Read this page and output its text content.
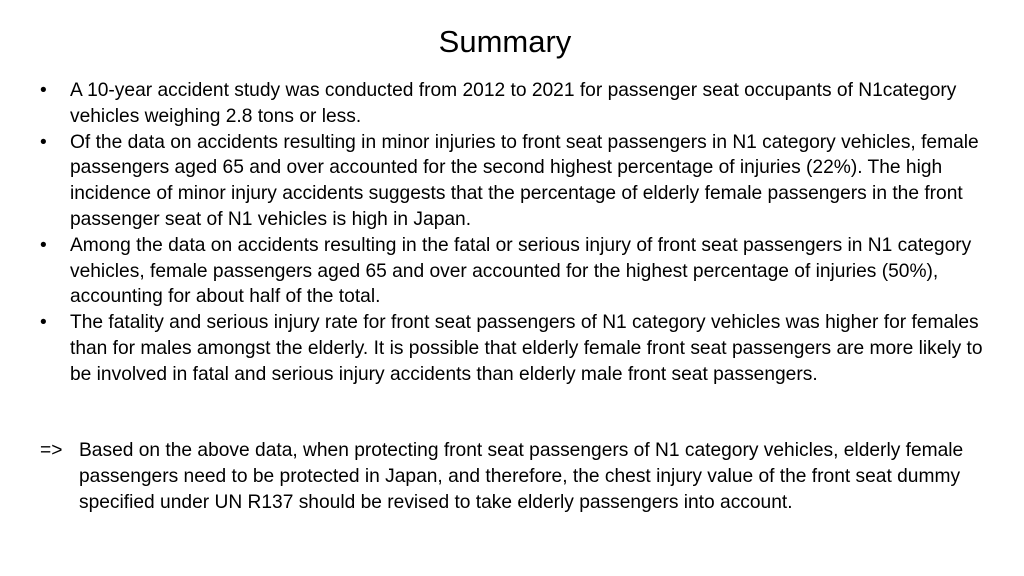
Summary
• A 10-year accident study was conducted from 2012 to 2021 for passenger seat occupants of N1category vehicles weighing 2.8 tons or less.
• Of the data on accidents resulting in minor injuries to front seat passengers in N1 category vehicles, female passengers aged 65 and over accounted for the second highest percentage of injuries (22%). The high incidence of minor injury accidents suggests that the percentage of elderly female passengers in the front passenger seat of N1 vehicles is high in Japan.
• Among the data on accidents resulting in the fatal or serious injury of front seat passengers in N1 category vehicles, female passengers aged 65 and over accounted for the highest percentage of injuries (50%), accounting for about half of the total.
• The fatality and serious injury rate for front seat passengers of N1 category vehicles was higher for females than for males amongst the elderly. It is possible that elderly female front seat passengers are more likely to be involved in fatal and serious injury accidents than elderly male front seat passengers.
=> Based on the above data, when protecting front seat passengers of N1 category vehicles, elderly female passengers need to be protected in Japan, and therefore, the chest injury value of the front seat dummy specified under UN R137 should be revised to take elderly passengers into account.
